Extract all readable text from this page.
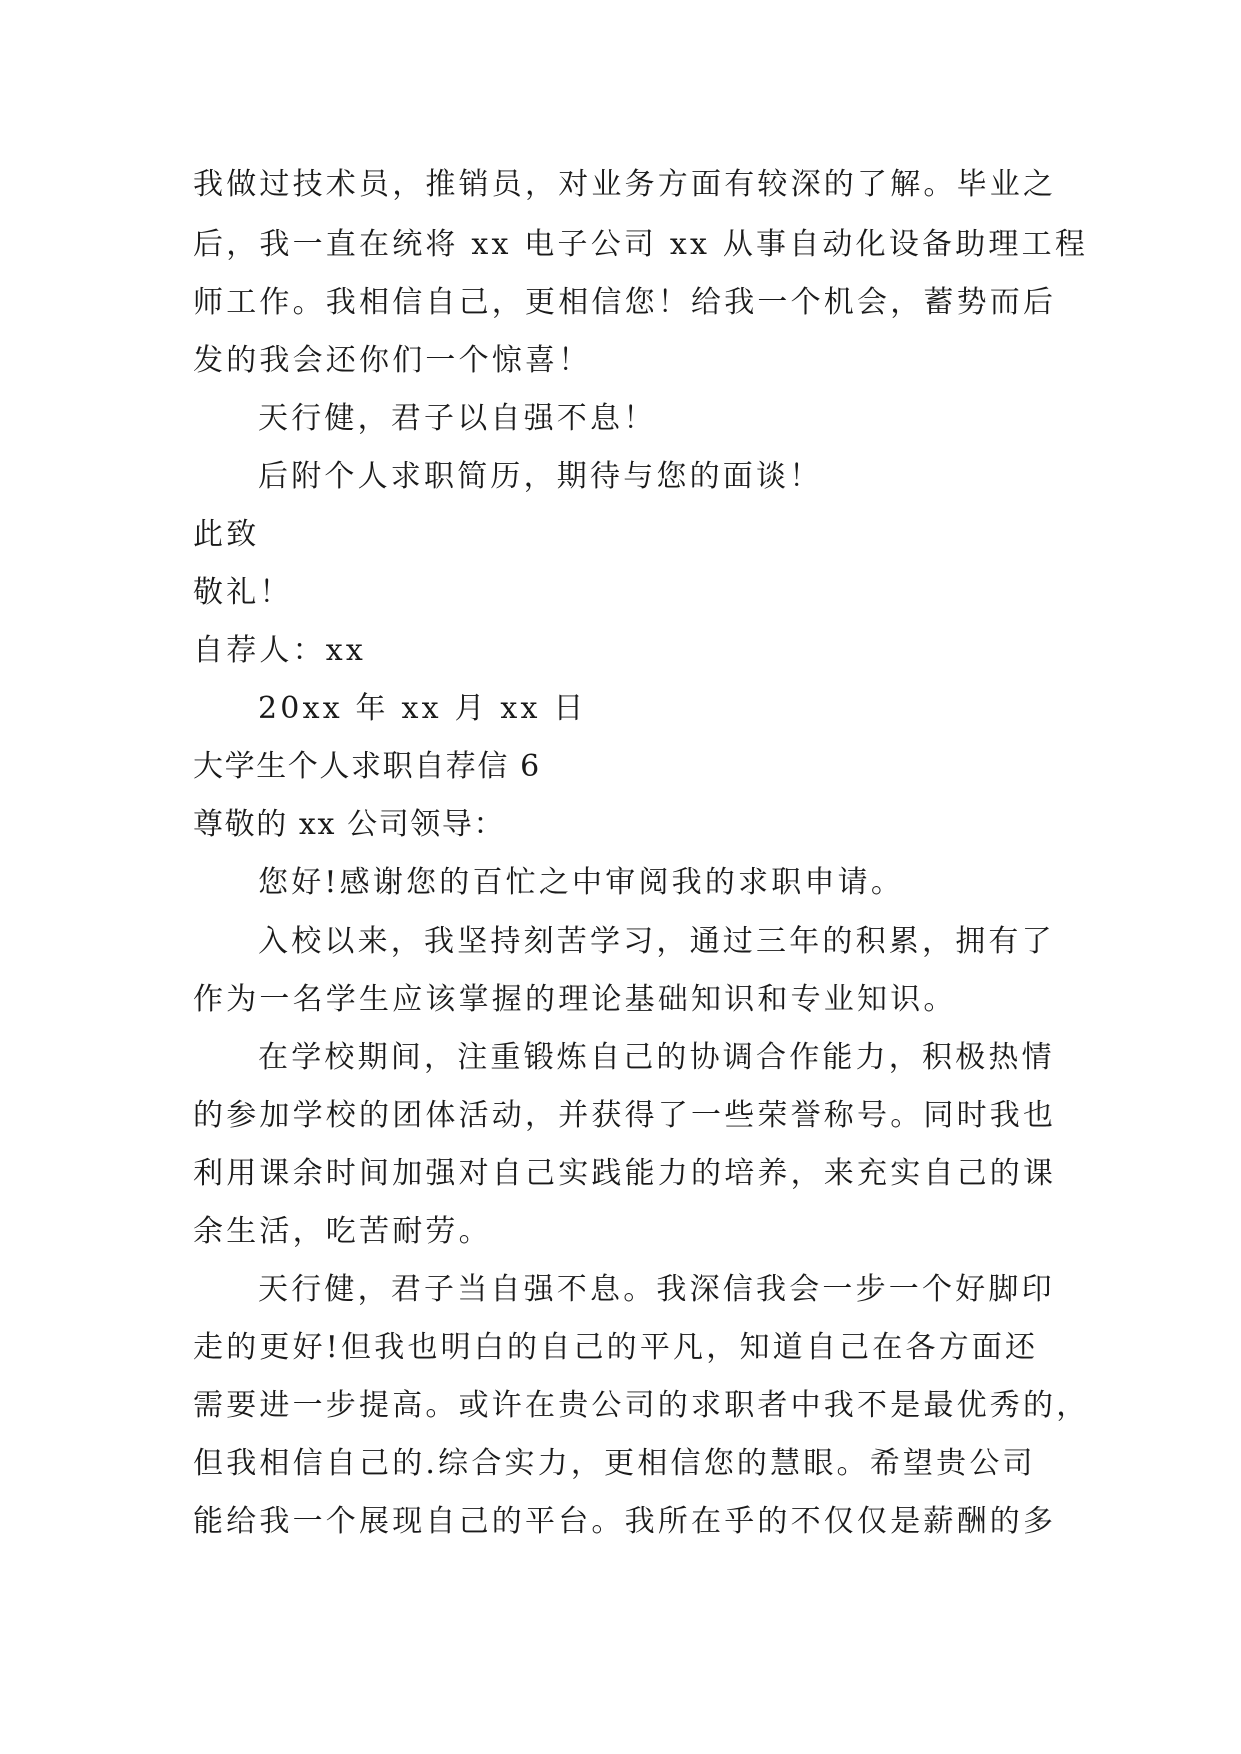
我做过技术员，推销员，对业务方面有较深的了解。毕业之
后，我一直在统将 xx 电子公司 xx 从事自动化设备助理工程
师工作。我相信自己，更相信您！给我一个机会，蓄势而后
发的我会还你们一个惊喜！
天行健，君子以自强不息！
后附个人求职简历，期待与您的面谈！
此致
敬礼！
自荐人：xx
20xx 年 xx 月 xx 日
大学生个人求职自荐信 6
尊敬的 xx 公司领导：
您好!感谢您的百忙之中审阅我的求职申请。
入校以来，我坚持刻苦学习，通过三年的积累，拥有了
作为一名学生应该掌握的理论基础知识和专业知识。
在学校期间，注重锻炼自己的协调合作能力，积极热情
的参加学校的团体活动，并获得了一些荣誉称号。同时我也
利用课余时间加强对自己实践能力的培养，来充实自己的课
余生活，吃苦耐劳。
天行健，君子当自强不息。我深信我会一步一个好脚印
走的更好!但我也明白的自己的平凡，知道自己在各方面还
需要进一步提高。或许在贵公司的求职者中我不是最优秀的，
但我相信自己的.综合实力，更相信您的慧眼。希望贵公司
能给我一个展现自己的平台。我所在乎的不仅仅是薪酬的多
